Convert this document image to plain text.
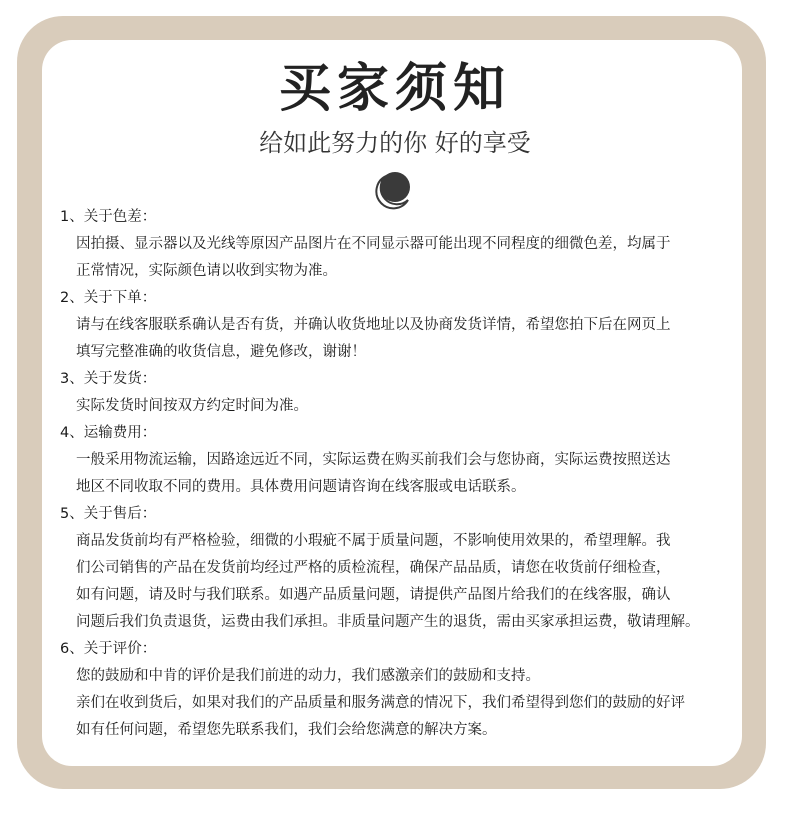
买家须知
给如此努力的你 好的享受

1、关于色差：

因拍摄、显示器以及光线等原因产品图片在不同显示器可能出现不同程度的细微色差，均属于
正常情况，实际颜色请以收到实物为准。

2、关于下单：

请与在线客服联系确认是否有货，并确认收货地址以及协商发货详情，希望您拍下后在网页上
填写完整准确的收货信息，避免修改，谢谢！

3、关于发货：

实际发货时间按双方约定时间为准。

4、运输费用：

一般采用物流运输，因路途远近不同，实际运费在购买前我们会与您协商，实际运费按照送达
地区不同收取不同的费用。具体费用问题请咨询在线客服或电话联系。

5、关于售后：

商品发货前均有严格检验，细微的小瑕疵不属于质量问题，不影响使用效果的，希望理解。我
们公司销售的产品在发货前均经过严格的质检流程，确保产品品质，请您在收货前仔细检查，
如有问题，请及时与我们联系。如遇产品质量问题，请提供产品图片给我们的在线客服，确认
问题后我们负责退货，运费由我们承担。非质量问题产生的退货，需由买家承担运费，敬请理解。

6、关于评价：

您的鼓励和中肯的评价是我们前进的动力，我们感激亲们的鼓励和支持。
亲们在收到货后，如果对我们的产品质量和服务满意的情况下，我们希望得到您们的鼓励的好评
如有任何问题，希望您先联系我们，我们会给您满意的解决方案。
